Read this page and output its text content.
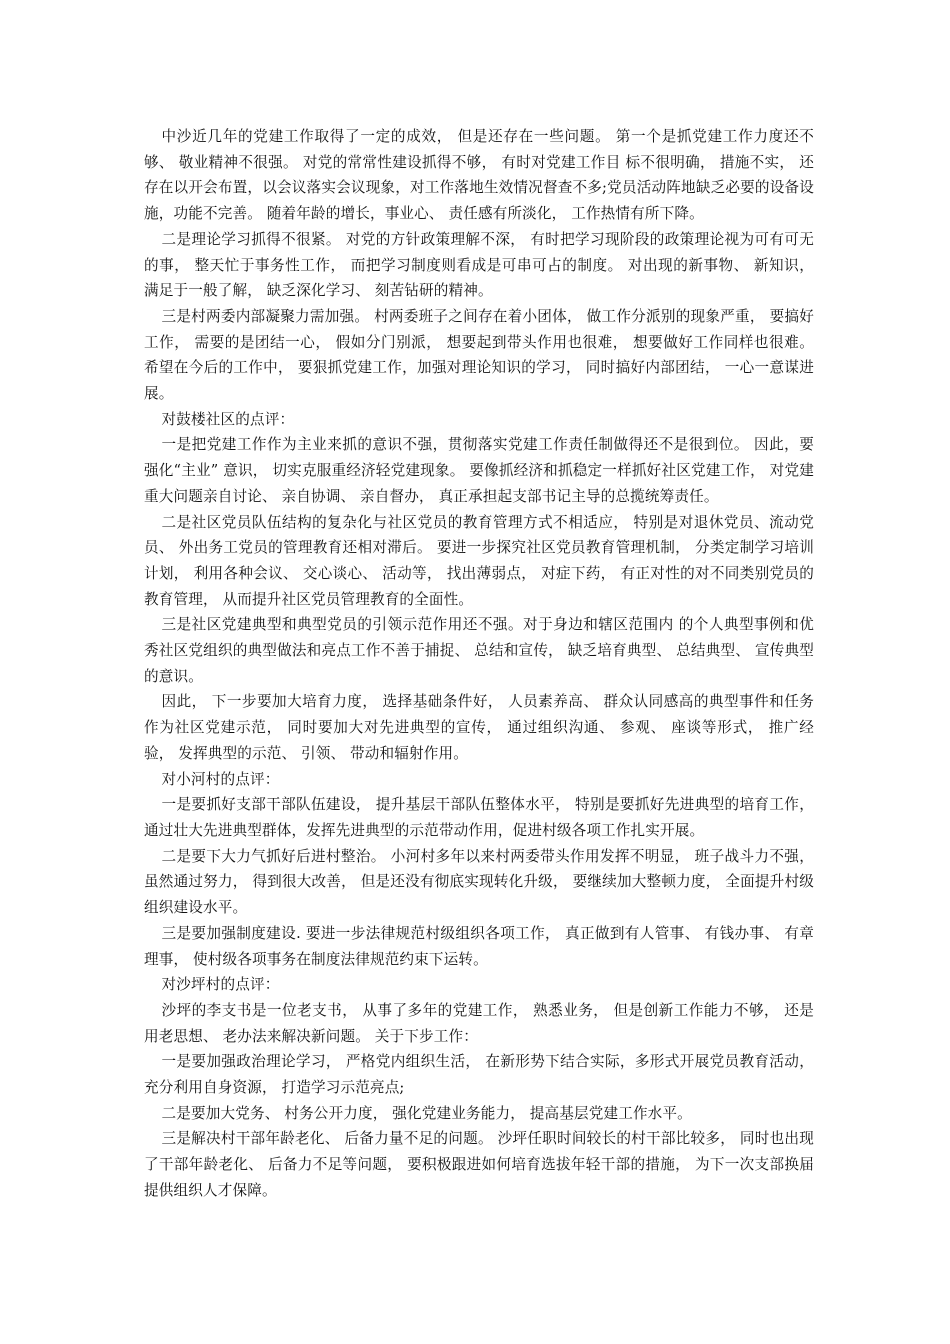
中沙近几年的党建工作取得了一定的成效， 但是还存在一些问题。 第一个是抓党建工作力度还不够、 敬业精神不很强。 对党的常常性建设抓得不够， 有时对党建工作目 标不很明确， 措施不实， 还存在以开会布置，以会议落实会议现象，对工作落地生效情况督查不多;党员活动阵地缺乏必要的设备设施，功能不完善。 随着年龄的增长，事业心、 责任感有所淡化， 工作热情有所下降。

二是理论学习抓得不很紧。 对党的方针政策理解不深， 有时把学习现阶段的政策理论视为可有可无的事， 整天忙于事务性工作， 而把学习制度则看成是可串可占的制度。 对出现的新事物、 新知识， 满足于一般了解， 缺乏深化学习、 刻苦钻研的精神。

三是村两委内部凝聚力需加强。 村两委班子之间存在着小团体， 做工作分派别的现象严重， 要搞好工作， 需要的是团结一心， 假如分门别派， 想要起到带头作用也很难， 想要做好工作同样也很难。 希望在今后的工作中， 要狠抓党建工作，加强对理论知识的学习， 同时搞好内部团结， 一心一意谋进展。

对鼓楼社区的点评：

一是把党建工作作为主业来抓的意识不强，贯彻落实党建工作责任制做得还不是很到位。 因此，要强化“主业” 意识， 切实克服重经济轻党建现象。 要像抓经济和抓稳定一样抓好社区党建工作， 对党建重大问题亲自讨论、 亲自协调、 亲自督办， 真正承担起支部书记主导的总揽统筹责任。

二是社区党员队伍结构的复杂化与社区党员的教育管理方式不相适应， 特别是对退休党员、流动党员、 外出务工党员的管理教育还相对滞后。 要进一步探究社区党员教育管理机制， 分类定制学习培训计划， 利用各种会议、 交心谈心、 活动等， 找出薄弱点， 对症下药， 有正对性的对不同类别党员的教育管理， 从而提升社区党员管理教育的全面性。

三是社区党建典型和典型党员的引领示范作用还不强。对于身边和辖区范围内 的个人典型事例和优秀社区党组织的典型做法和亮点工作不善于捕捉、 总结和宣传， 缺乏培育典型、 总结典型、 宣传典型的意识。

因此， 下一步要加大培育力度， 选择基础条件好， 人员素养高、 群众认同感高的典型事件和任务作为社区党建示范， 同时要加大对先进典型的宣传， 通过组织沟通、 参观、 座谈等形式， 推广经验， 发挥典型的示范、 引领、 带动和辐射作用。

对小河村的点评：

一是要抓好支部干部队伍建设， 提升基层干部队伍整体水平， 特别是要抓好先进典型的培育工作，通过壮大先进典型群体，发挥先进典型的示范带动作用，促进村级各项工作扎实开展。

二是要下大力气抓好后进村整治。 小河村多年以来村两委带头作用发挥不明显， 班子战斗力不强， 虽然通过努力， 得到很大改善， 但是还没有彻底实现转化升级， 要继续加大整顿力度， 全面提升村级组织建设水平。

三是要加强制度建设. 要进一步法律规范村级组织各项工作， 真正做到有人管事、 有钱办事、 有章理事， 使村级各项事务在制度法律规范约束下运转。

对沙坪村的点评：

沙坪的李支书是一位老支书， 从事了多年的党建工作， 熟悉业务， 但是创新工作能力不够， 还是用老思想、 老办法来解决新问题。 关于下步工作：

一是要加强政治理论学习， 严格党内组织生活， 在新形势下结合实际，多形式开展党员教育活动， 充分利用自身资源， 打造学习示范亮点;

二是要加大党务、 村务公开力度， 强化党建业务能力， 提高基层党建工作水平。

三是解决村干部年龄老化、 后备力量不足的问题。 沙坪任职时间较长的村干部比较多， 同时也出现了干部年龄老化、 后备力不足等问题， 要积极跟进如何培育选拔年轻干部的措施， 为下一次支部换届提供组织人才保障。
